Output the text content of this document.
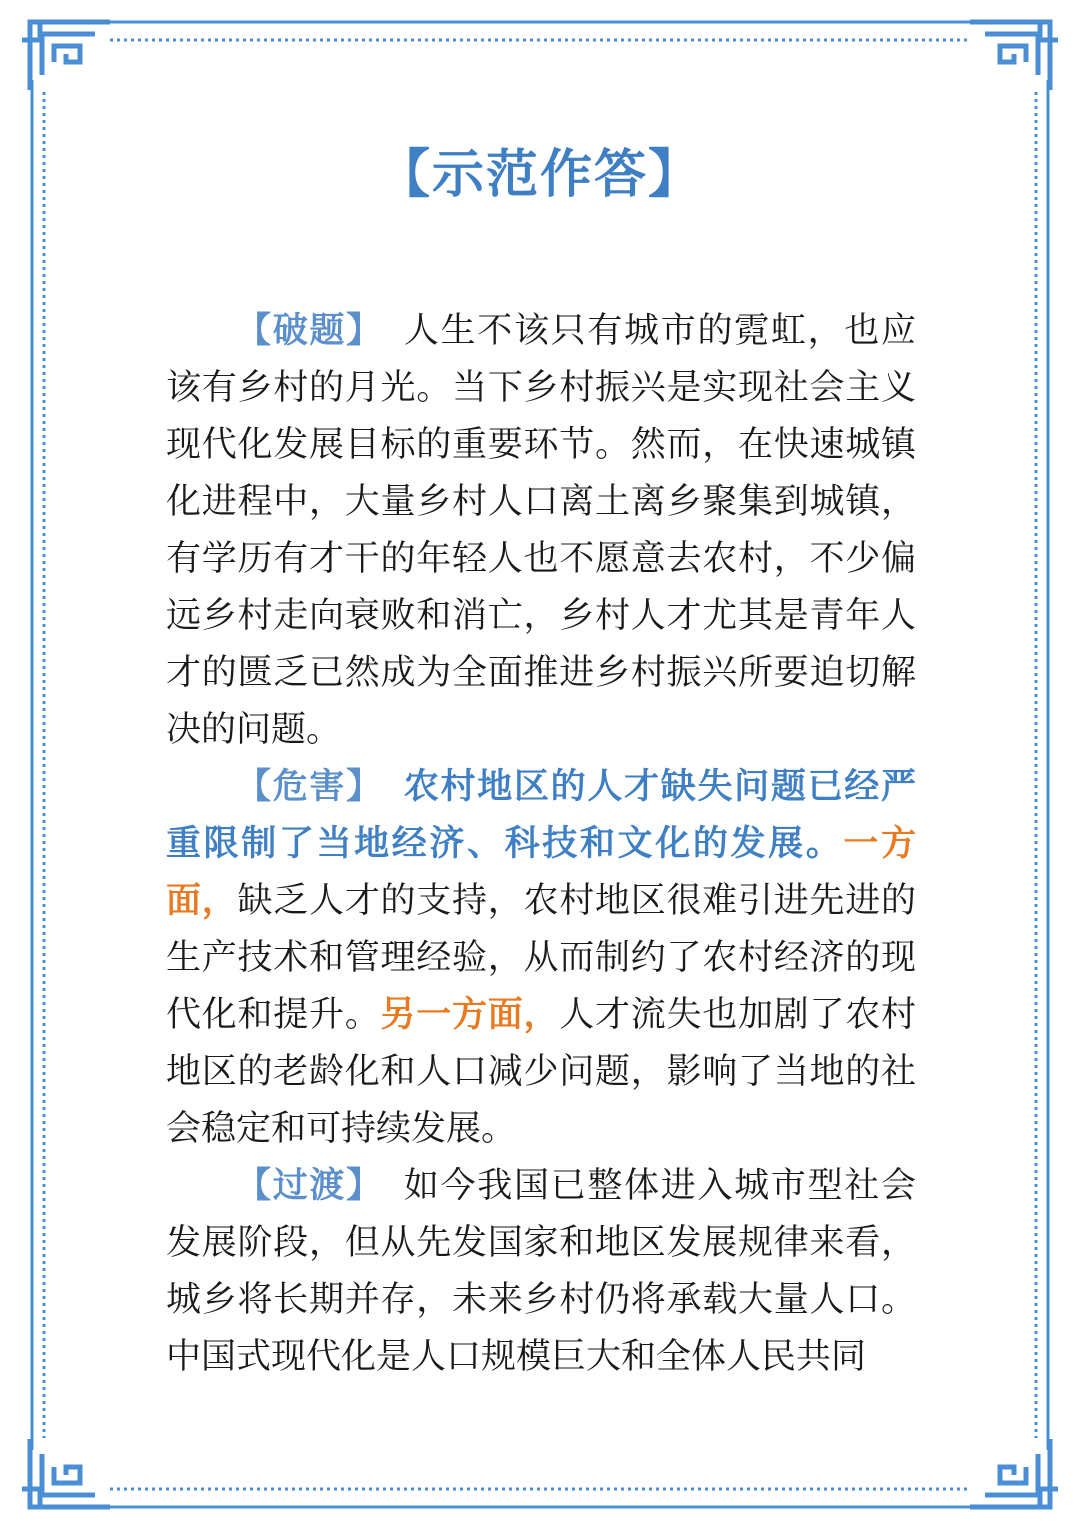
【示范作答】

【破题】 人生不该只有城市的霓虹，也应该有乡村的月光。当下乡村振兴是实现社会主义现代化发展目标的重要环节。然而，在快速城镇化进程中，大量乡村人口离土离乡聚集到城镇，有学历有才干的年轻人也不愿意去农村，不少偏远乡村走向衰败和消亡，乡村人才尤其是青年人才的匮乏已然成为全面推进乡村振兴所要迫切解决的问题。

【危害】 农村地区的人才缺失问题已经严重限制了当地经济、科技和文化的发展。一方面，缺乏人才的支持，农村地区很难引进先进的生产技术和管理经验，从而制约了农村经济的现代化和提升。另一方面，人才流失也加剧了农村地区的老龄化和人口减少问题，影响了当地的社会稳定和可持续发展。

【过渡】 如今我国已整体进入城市型社会发展阶段，但从先发国家和地区发展规律来看，城乡将长期并存，未来乡村仍将承载大量人口。中国式现代化是人口规模巨大和全体人民共同
